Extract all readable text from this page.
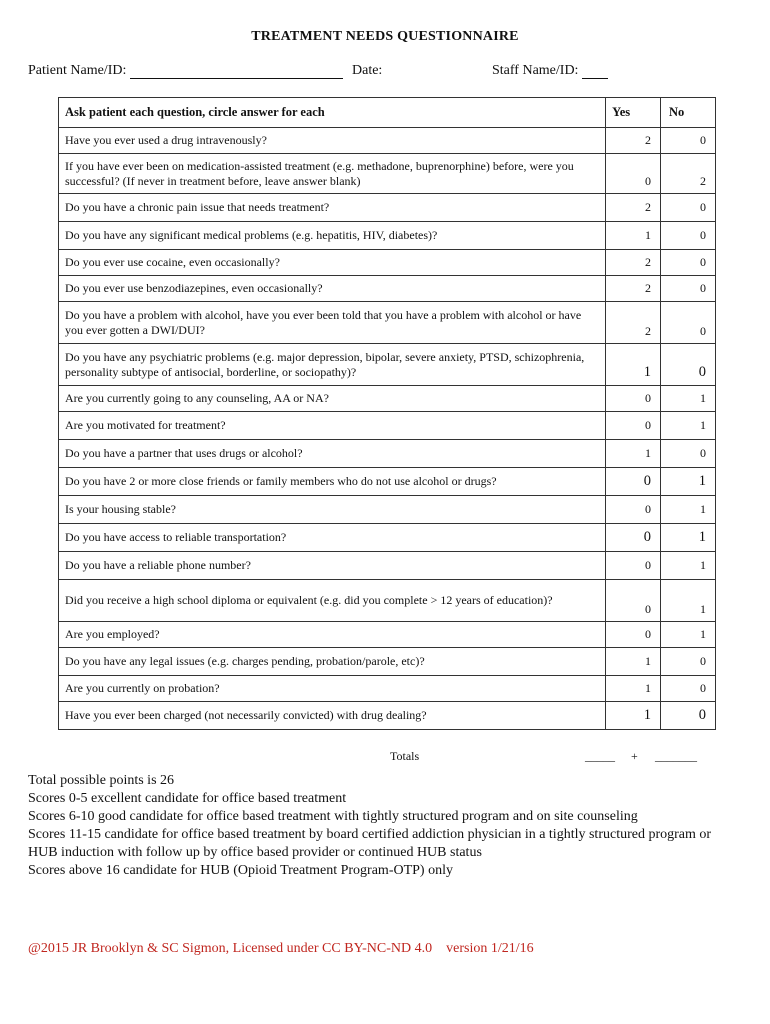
TREATMENT NEEDS QUESTIONNAIRE
Patient Name/ID:	Date:	Staff Name/ID:
Ask patient each question, circle answer for each	Yes	No
Have you ever used a drug intravenously?	2	0
If you have ever been on medication-assisted treatment (e.g. methadone, buprenorphine) before, were you successful? (If never in treatment before, leave answer blank)	0	2
Do you have a chronic pain issue that needs treatment?	2	0
Do you have any significant medical problems (e.g. hepatitis, HIV, diabetes)?	1	0
Do you ever use cocaine, even occasionally?	2	0
Do you ever use benzodiazepines, even occasionally?	2	0
Do you have a problem with alcohol, have you ever been told that you have a problem with alcohol or have you ever gotten a DWI/DUI?	2	0
Do you have any psychiatric problems (e.g. major depression, bipolar, severe anxiety, PTSD, schizophrenia, personality subtype of antisocial, borderline, or sociopathy)?	1	0
Are you currently going to any counseling, AA or NA?	0	1
Are you motivated for treatment?	0	1
Do you have a partner that uses drugs or alcohol?	1	0
Do you have 2 or more close friends or family members who do not use alcohol or drugs?	0	1
Is your housing stable?	0	1
Do you have access to reliable transportation?	0	1
Do you have a reliable phone number?	0	1
Did you receive a high school diploma or equivalent (e.g. did you complete > 12 years of education)?	0	1
Are you employed?	0	1
Do you have any legal issues (e.g. charges pending, probation/parole, etc)?	1	0
Are you currently on probation?	1	0
Have you ever been charged (not necessarily convicted) with drug dealing?	1	0
Totals	_____ + _______
Total possible points is 26
Scores 0-5 excellent candidate for office based treatment
Scores 6-10 good candidate for office based treatment with tightly structured program and on site counseling
Scores 11-15 candidate for office based treatment by board certified addiction physician in a tightly structured program or HUB induction with follow up by office based provider or continued HUB status
Scores above 16 candidate for HUB (Opioid Treatment Program-OTP) only
@2015 JR Brooklyn & SC Sigmon, Licensed under CC BY-NC-ND 4.0    version 1/21/16
